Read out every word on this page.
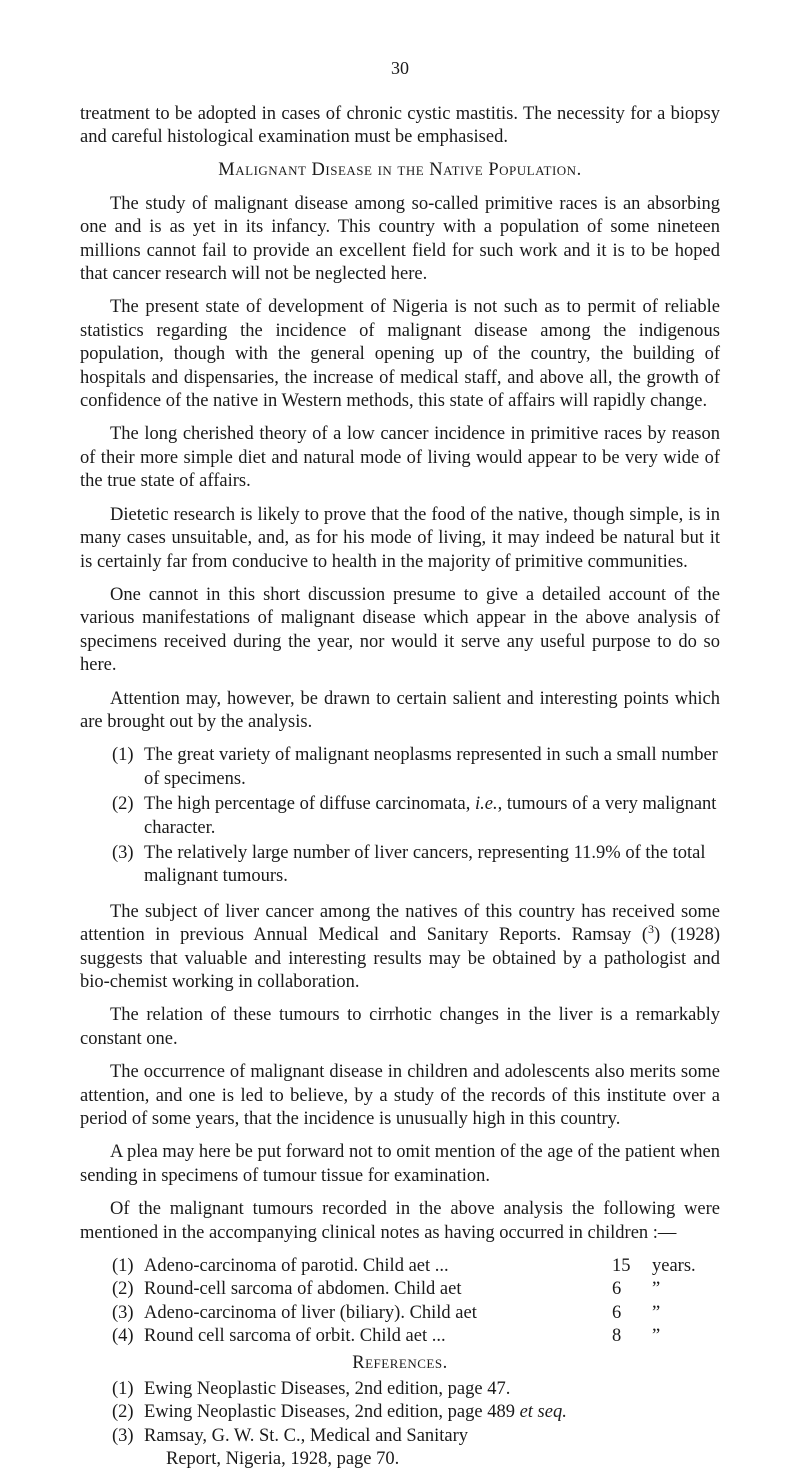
30

treatment to be adopted in cases of chronic cystic mastitis. The necessity for a biopsy and careful histological examination must be emphasised.

Malignant Disease in the Native Population.

The study of malignant disease among so-called primitive races is an absorbing one and is as yet in its infancy. This country with a population of some nineteen millions cannot fail to provide an excellent field for such work and it is to be hoped that cancer research will not be neglected here.

The present state of development of Nigeria is not such as to permit of reliable statistics regarding the incidence of malignant disease among the indigenous population, though with the general opening up of the country, the building of hospitals and dispensaries, the increase of medical staff, and above all, the growth of confidence of the native in Western methods, this state of affairs will rapidly change.

The long cherished theory of a low cancer incidence in primitive races by reason of their more simple diet and natural mode of living would appear to be very wide of the true state of affairs.

Dietetic research is likely to prove that the food of the native, though simple, is in many cases unsuitable, and, as for his mode of living, it may indeed be natural but it is certainly far from conducive to health in the majority of primitive communities.

One cannot in this short discussion presume to give a detailed account of the various manifestations of malignant disease which appear in the above analysis of specimens received during the year, nor would it serve any useful purpose to do so here.

Attention may, however, be drawn to certain salient and interesting points which are brought out by the analysis.

(1) The great variety of malignant neoplasms represented in such a small number of specimens.
(2) The high percentage of diffuse carcinomata, i.e., tumours of a very malignant character.
(3) The relatively large number of liver cancers, representing 11.9% of the total malignant tumours.

The subject of liver cancer among the natives of this country has received some attention in previous Annual Medical and Sanitary Reports. Ramsay ($^3$) (1928) suggests that valuable and interesting results may be obtained by a pathologist and bio-chemist working in collaboration.

The relation of these tumours to cirrhotic changes in the liver is a remarkably constant one.

The occurrence of malignant disease in children and adolescents also merits some attention, and one is led to believe, by a study of the records of this institute over a period of some years, that the incidence is unusually high in this country.

A plea may here be put forward not to omit mention of the age of the patient when sending in specimens of tumour tissue for examination.

Of the malignant tumours recorded in the above analysis the following were mentioned in the accompanying clinical notes as having occurred in children :—

(1) Adeno-carcinoma of parotid. Child aet ...	15 years.
(2) Round-cell sarcoma of abdomen. Child aet	6 ”
(3) Adeno-carcinoma of liver (biliary). Child aet	6 ”
(4) Round cell sarcoma of orbit. Child aet ...	8 ”
References.
(1) Ewing Neoplastic Diseases, 2nd edition, page 47.
(2) Ewing Neoplastic Diseases, 2nd edition, page 489 et seq.
(3) Ramsay, G. W. St. C., Medical and Sanitary
Report, Nigeria, 1928, page 70.
